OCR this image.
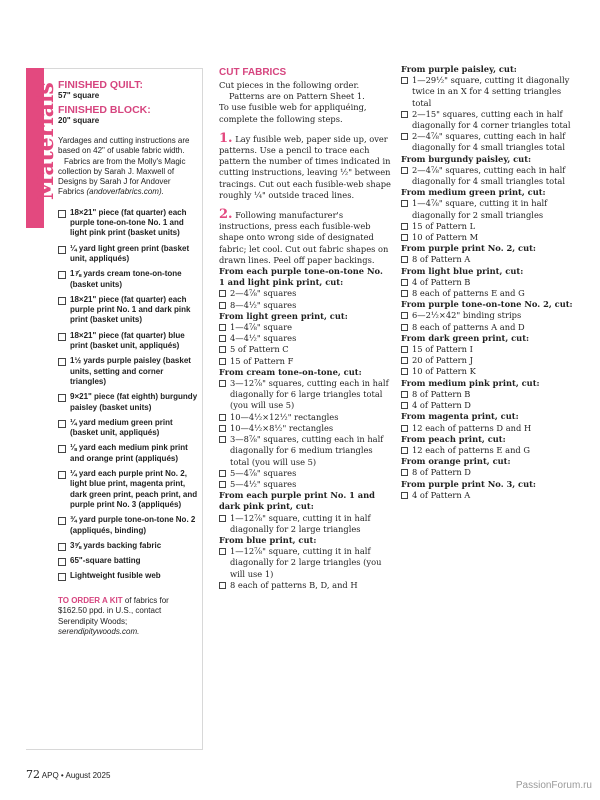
Materials FINISHED QUILT:
57" square
FINISHED BLOCK:
20" square

Yardages and cutting instructions are based on 42" of usable fabric width.

Fabrics are from the Molly's Magic collection by Sarah J. Maxwell of Designs by Sarah J for Andover Fabrics (andoverfabrics.com).

18×21" piece (fat quarter) each purple tone-on-tone No. 1 and light pink print (basket units)
¼ yard light green print (basket unit, appliqués)
1⅞ yards cream tone-on-tone (basket units)
18×21" piece (fat quarter) each purple print No. 1 and dark pink print (basket units)
18×21" piece (fat quarter) blue print (basket unit, appliqués)
1½ yards purple paisley (basket units, setting and corner triangles)
9×21" piece (fat eighth) burgundy paisley (basket units)
¼ yard medium green print (basket unit, appliqués)
⅛ yard each medium pink print and orange print (appliqués)
¼ yard each purple print No. 2, light blue print, magenta print, dark green print, peach print, and purple print No. 3 (appliqués)
¾ yard purple tone-on-tone No. 2 (appliqués, binding)
3⅝ yards backing fabric
65"-square batting
Lightweight fusible web
TO ORDER A KIT of fabrics for $162.50 ppd. in U.S., contact Serendipity Woods; serendipitywoods.com.
CUT FABRICS

Cut pieces in the following order.

Patterns are on Pattern Sheet 1.

To use fusible web for appliquéing, complete the following steps.

1. Lay fusible web, paper side up, over patterns. Use a pencil to trace each pattern the number of times indicated in cutting instructions, leaving ½" between tracings. Cut out each fusible-web shape roughly ¼" outside traced lines.

2. Following manufacturer's instructions, press each fusible-web shape onto wrong side of designated fabric; let cool. Cut out fabric shapes on drawn lines. Peel off paper backings.

From each purple tone-on-tone No. 1 and light pink print, cut:

2—4⅞" squares

8—4½" squares

From light green print, cut:

1—4⅞" square

4—4½" squares

5 of Pattern C

15 of Pattern F

From cream tone-on-tone, cut:

3—12⅞" squares, cutting each in half diagonally for 6 large triangles total (you will use 5)

10—4½×12½" rectangles

10—4½×8½" rectangles

3—8⅞" squares, cutting each in half diagonally for 6 medium triangles total (you will use 5)

5—4⅞" squares

5—4½" squares

From each purple print No. 1 and dark pink print, cut:

1—12⅞" square, cutting it in half diagonally for 2 large triangles

From blue print, cut:

1—12⅞" square, cutting it in half diagonally for 2 large triangles (you will use 1)

8 each of patterns B, D, and H

From purple paisley, cut:

1—29½" square, cutting it diagonally twice in an X for 4 setting triangles total

2—15" squares, cutting each in half diagonally for 4 corner triangles total

2—4⅞" squares, cutting each in half diagonally for 4 small triangles total

From burgundy paisley, cut:

2—4⅞" squares, cutting each in half diagonally for 4 small triangles total

From medium green print, cut:

1—4⅞" square, cutting it in half diagonally for 2 small triangles

15 of Pattern L

10 of Pattern M

From purple print No. 2, cut:

8 of Pattern A

From light blue print, cut:

4 of Pattern B

8 each of patterns E and G

From purple tone-on-tone No. 2, cut:

6—2½×42" binding strips

8 each of patterns A and D

From dark green print, cut:

15 of Pattern I

20 of Pattern J

10 of Pattern K

From medium pink print, cut:

8 of Pattern B

4 of Pattern D

From magenta print, cut:

12 each of patterns D and H

From peach print, cut:

12 each of patterns E and G

From orange print, cut:

8 of Pattern D

From purple print No. 3, cut:

4 of Pattern A

72 APQ • August 2025
PassionForum.ru
